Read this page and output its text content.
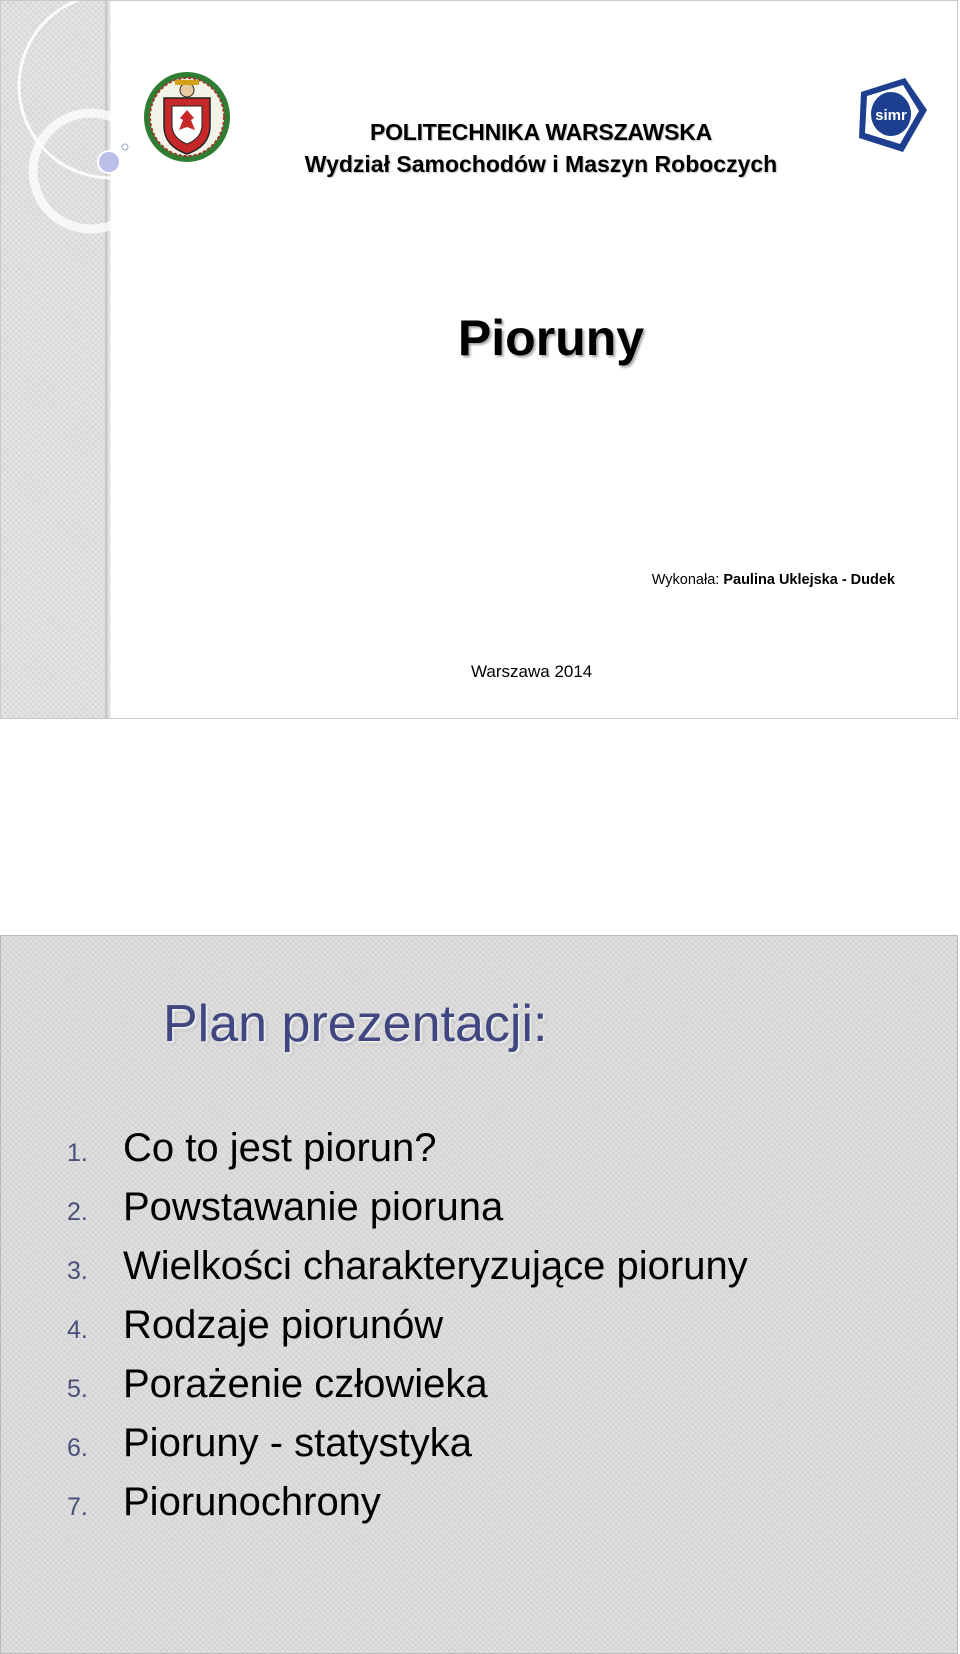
simr
POLITECHNIKA WARSZAWSKA
Wydział Samochodów i Maszyn Roboczych
Pioruny
Wykonała: Paulina Uklejska - Dudek
Warszawa 2014
Plan prezentacji:
1. Co to jest piorun?
2. Powstawanie pioruna
3. Wielkości charakteryzujące pioruny
4. Rodzaje piorunów
5. Porażenie człowieka
6. Pioruny - statystyka
7. Piorunochrony
